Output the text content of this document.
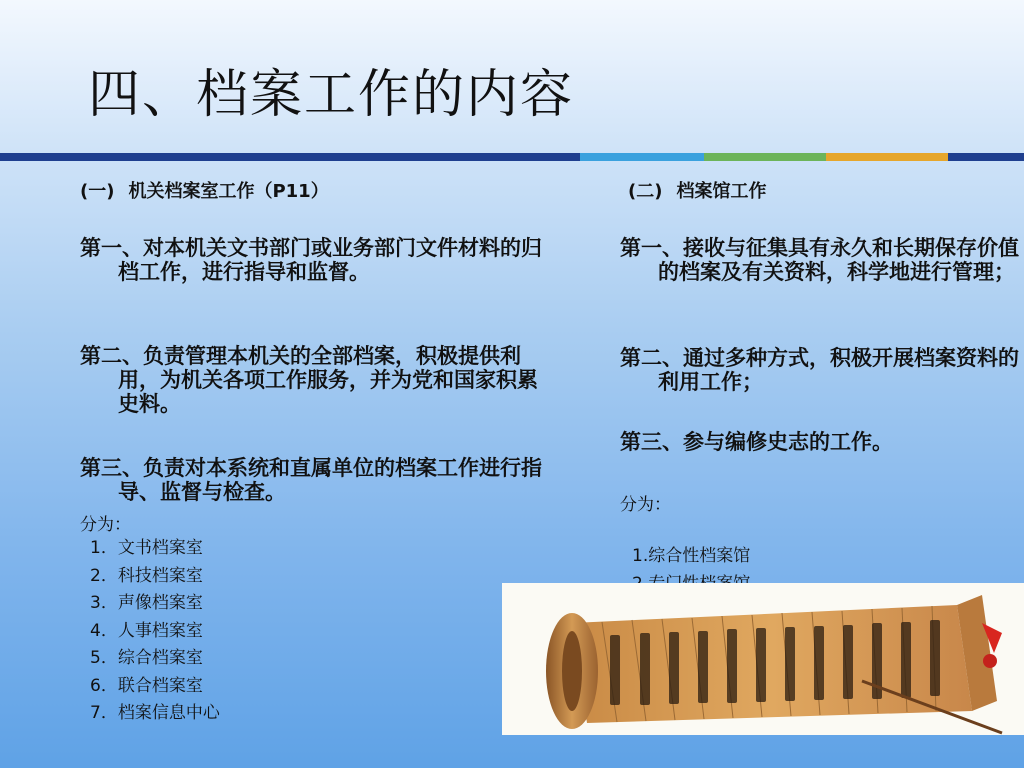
四、档案工作的内容
(一) 机关档案室工作（P11）
第一、对本机关文书部门或业务部门文件材料的归档工作，进行指导和监督。
第二、负责管理本机关的全部档案，积极提供利用，为机关各项工作服务，并为党和国家积累史料。
第三、负责对本系统和直属单位的档案工作进行指导、监督与检查。
分为：
1．文书档案室
2．科技档案室
3．声像档案室
4．人事档案室
5．综合档案室
6．联合档案室
7．档案信息中心
(二) 档案馆工作
第一、接收与征集具有永久和长期保存价值的档案及有关资料，科学地进行管理；
第二、通过多种方式，积极开展档案资料的利用工作；
第三、参与编修史志的工作。
分为：
1.综合性档案馆
